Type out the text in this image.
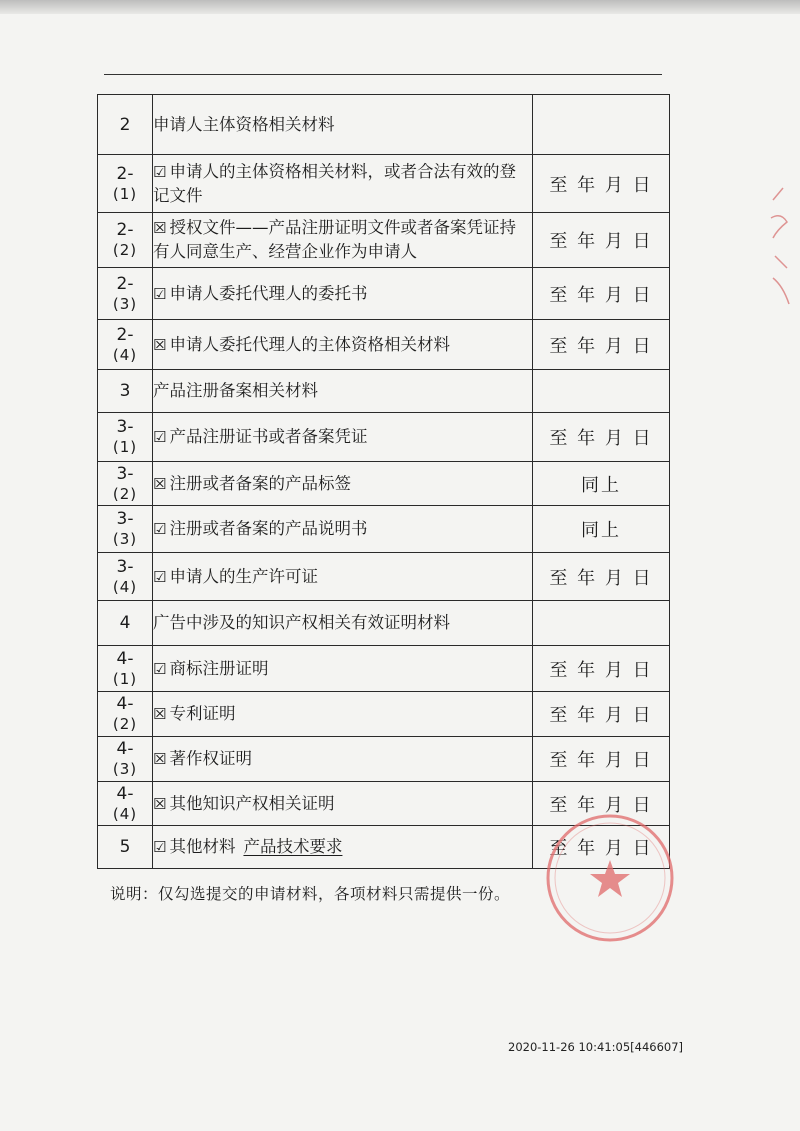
2	申请人主体资格相关材料	
2-
(1)	☑ 申请人的主体资格相关材料，或者合法有效的登记文件	至 年 月 日
2-
(2)	☒ 授权文件——产品注册证明文件或者备案凭证持有人同意生产、经营企业作为申请人	至 年 月 日
2-
(3)	☑ 申请人委托代理人的委托书	至 年 月 日
2-
(4)	☒ 申请人委托代理人的主体资格相关材料	至 年 月 日
3	产品注册备案相关材料	
3-
(1)	☑ 产品注册证书或者备案凭证	至 年 月 日
3-
(2)	☒ 注册或者备案的产品标签	同上
3-
(3)	☑ 注册或者备案的产品说明书	同上
3-
(4)	☑ 申请人的生产许可证	至 年 月 日
4	广告中涉及的知识产权相关有效证明材料	
4-
(1)	☑ 商标注册证明	至 年 月 日
4-
(2)	☒ 专利证明	至 年 月 日
4-
(3)	☒ 著作权证明	至 年 月 日
4-
(4)	☒ 其他知识产权相关证明	至 年 月 日
5	☑ 其他材料 产品技术要求	至 年 月 日
说明：仅勾选提交的申请材料，各项材料只需提供一份。
2020-11-26 10:41:05[446607]
